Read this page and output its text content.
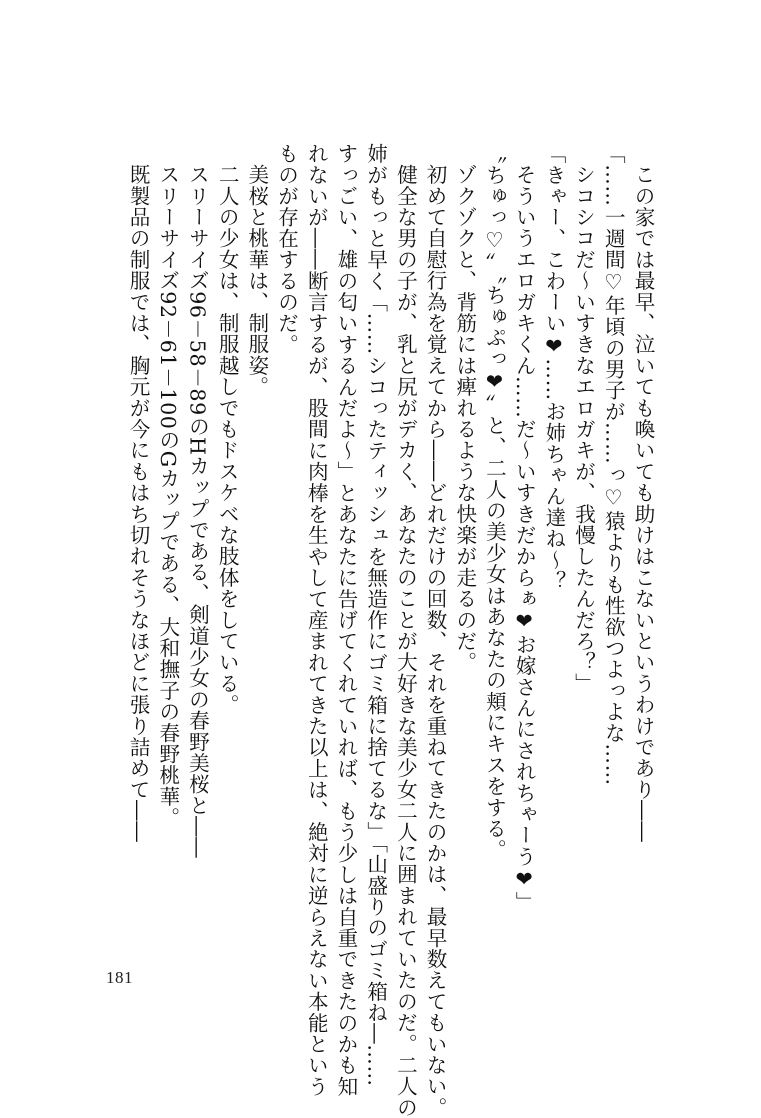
この家では最早、泣いても喚いても助けはこないというわけであり――

「……一週間♡年頃の男子が……っ♡猿よりも性欲つよっよな……

シコシコだ～いすきなエロガキが、我慢したんだろ？」

「きゃー、こわーい❤……お姉ちゃん達ね～？

そういうエロガキくん……だ～いすきだからぁ❤お嫁さんにされちゃーう❤」

〝ちゅっ♡〟〝ちゅぷっ❤〟と、二人の美少女はあなたの頬にキスをする。

ゾクゾクと、背筋には痺れるような快楽が走るのだ。

初めて自慰行為を覚えてから――どれだけの回数、それを重ねてきたのかは、最早数えてもいない。

健全な男の子が、乳と尻がデカく、あなたのことが大好きな美少女二人に囲まれていたのだ。二人の

姉がもっと早く「……シコったティッシュを無造作にゴミ箱に捨てるな」「山盛りのゴミ箱ね―……

すっごい、雄の匂いするんだよ～」とあなたに告げてくれていれば、もう少しは自重できたのかも知

れないが――断言するが、股間に肉棒を生やして産まれてきた以上は、絶対に逆らえない本能という

ものが存在するのだ。

美桜と桃華は、制服姿。

二人の少女は、制服越しでもドスケベな肢体をしている。

スリーサイズ96－58－89のHカップである、剣道少女の春野美桜と――

スリーサイズ92－61－100のGカップである、大和撫子の春野桃華。

既製品の制服では、胸元が今にもはち切れそうなほどに張り詰めて――

181
